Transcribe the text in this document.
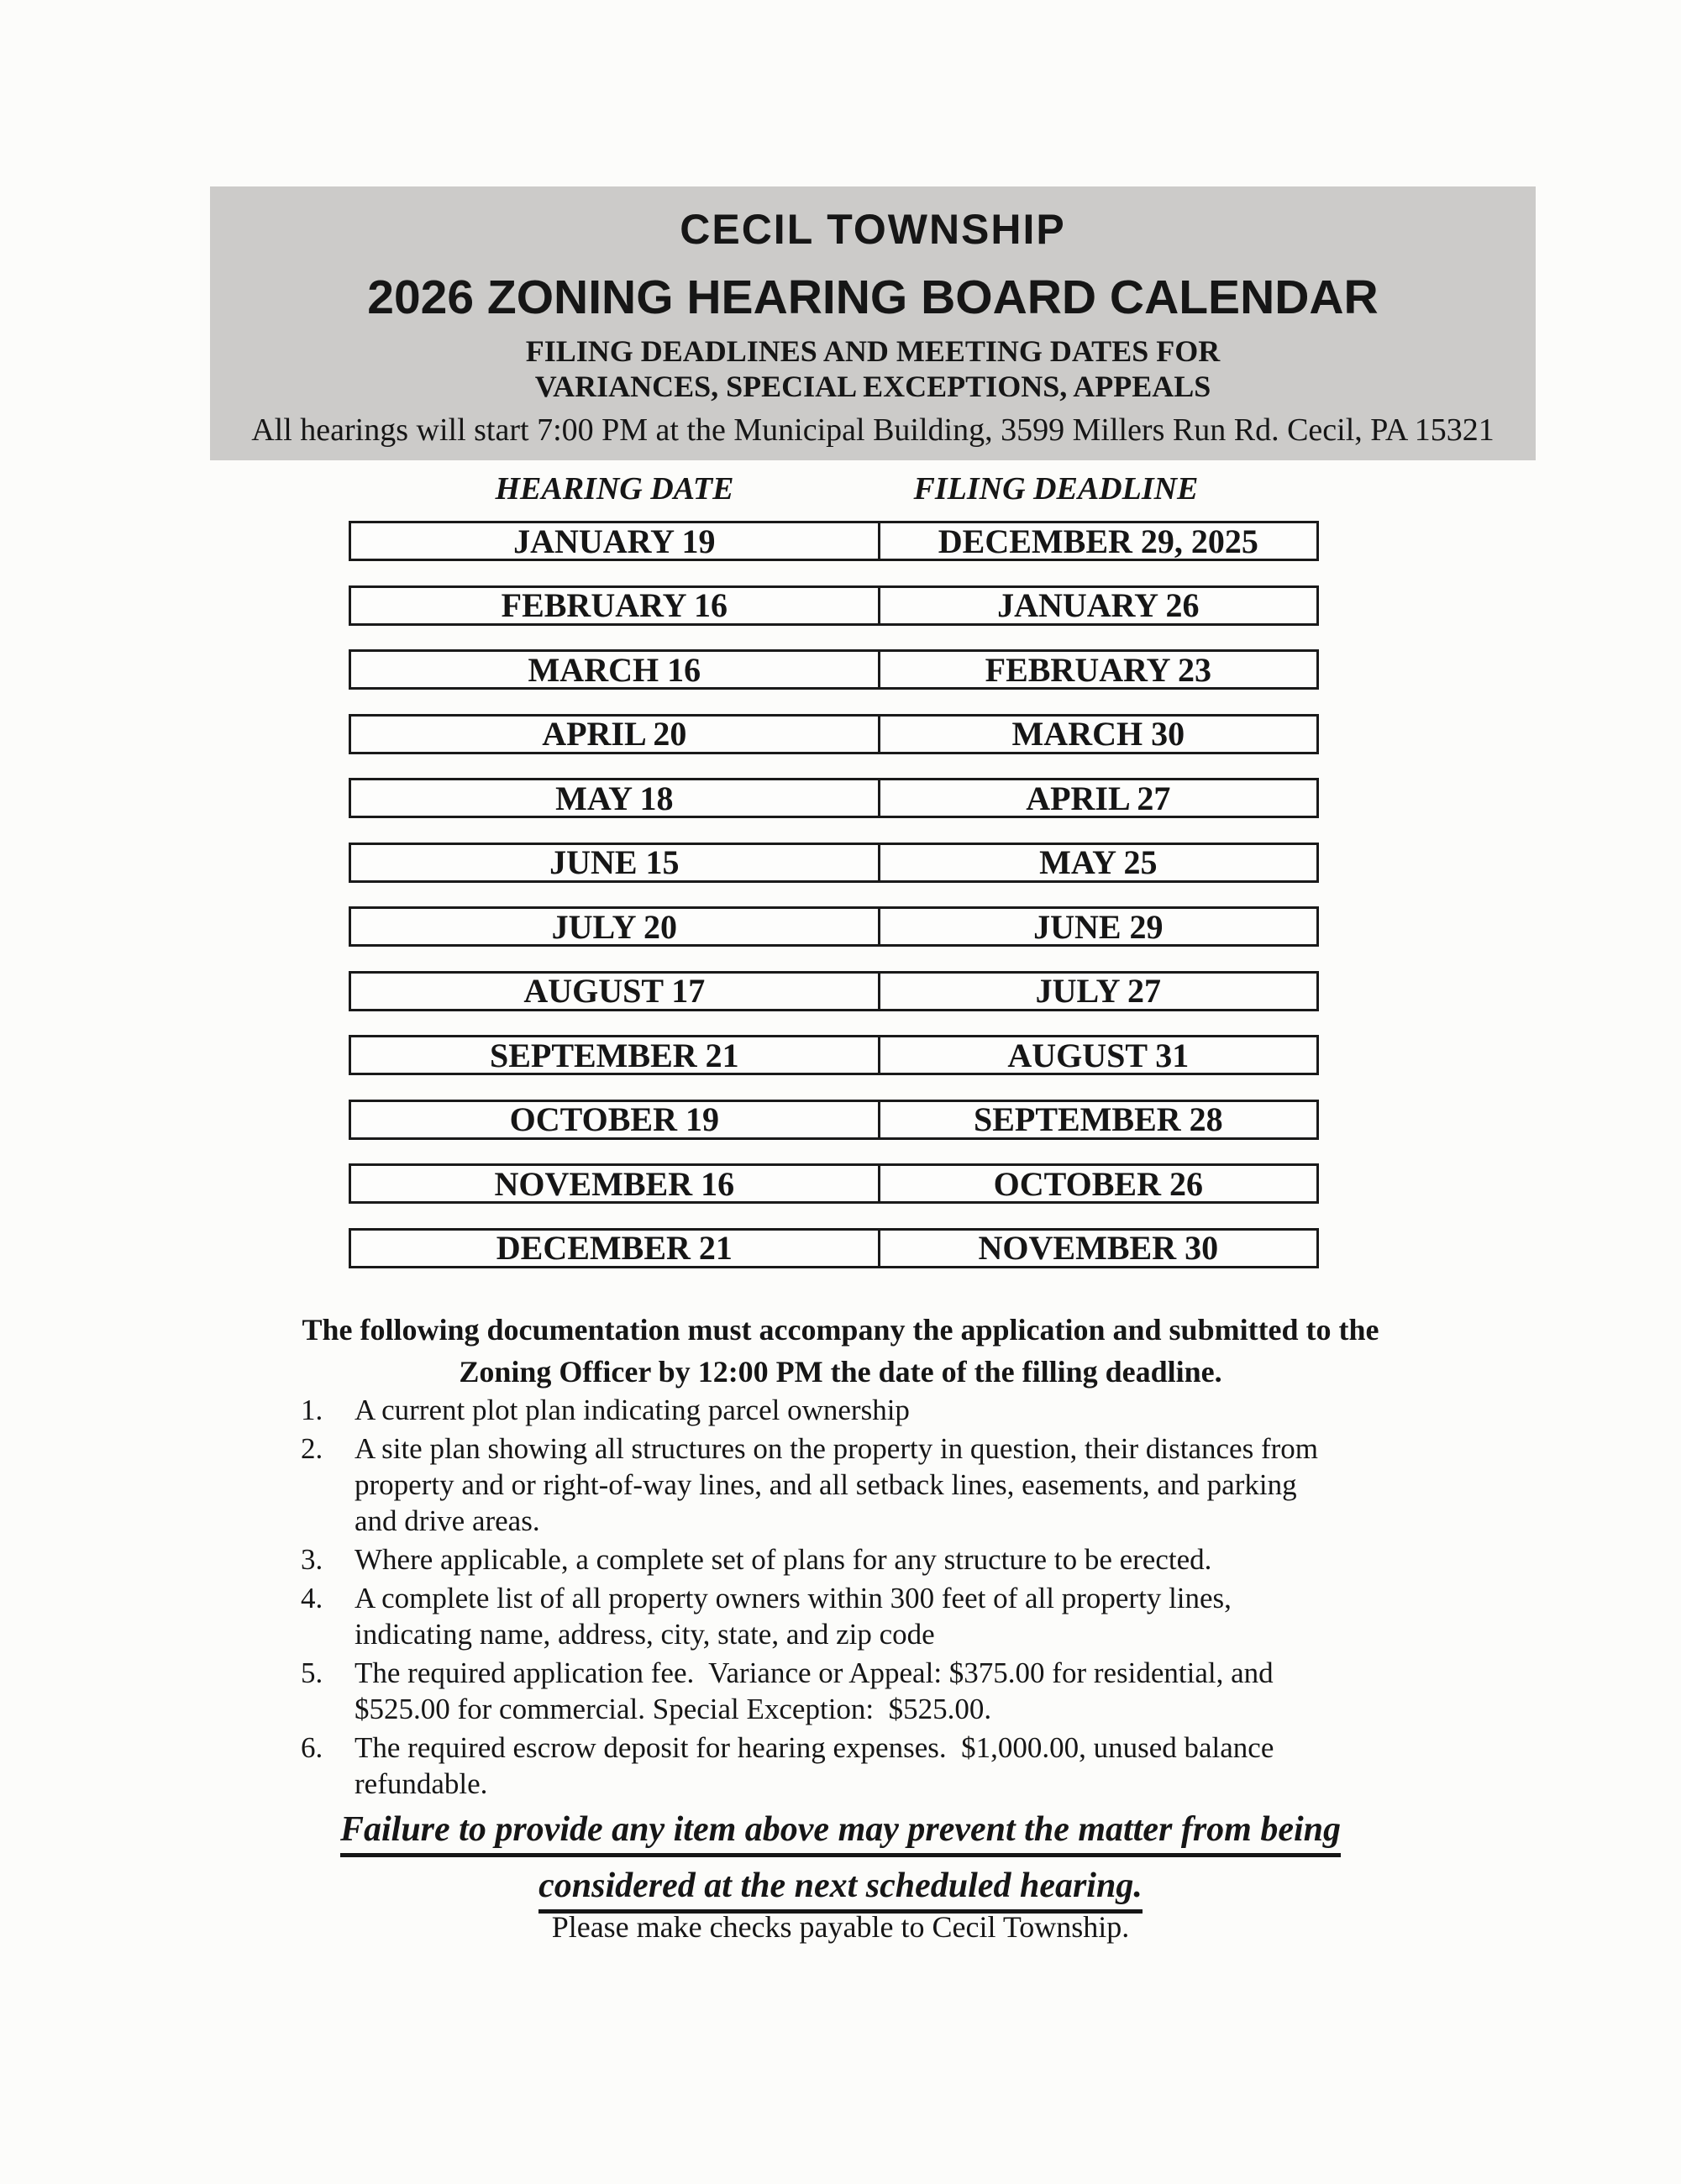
CECIL TOWNSHIP
2026 ZONING HEARING BOARD CALENDAR
FILING DEADLINES AND MEETING DATES FOR
VARIANCES, SPECIAL EXCEPTIONS, APPEALS
All hearings will start 7:00 PM at the Municipal Building, 3599 Millers Run Rd. Cecil, PA 15321
HEARING DATE	FILING DEADLINE
JANUARY 19	DECEMBER 29, 2025
FEBRUARY 16	JANUARY 26
MARCH 16	FEBRUARY 23
APRIL 20	MARCH 30
MAY 18	APRIL 27
JUNE 15	MAY 25
JULY 20	JUNE 29
AUGUST 17	JULY 27
SEPTEMBER 21	AUGUST 31
OCTOBER 19	SEPTEMBER 28
NOVEMBER 16	OCTOBER 26
DECEMBER 21	NOVEMBER 30
The following documentation must accompany the application and submitted to the
Zoning Officer by 12:00 PM the date of the filling deadline.
1.	A current plot plan indicating parcel ownership
2.	A site plan showing all structures on the property in question, their distances from
property and or right-of-way lines, and all setback lines, easements, and parking
and drive areas.
3.	Where applicable, a complete set of plans for any structure to be erected.
4.	A complete list of all property owners within 300 feet of all property lines,
indicating name, address, city, state, and zip code
5.	The required application fee.  Variance or Appeal: $375.00 for residential, and
$525.00 for commercial. Special Exception:  $525.00.
6.	The required escrow deposit for hearing expenses.  $1,000.00, unused balance
refundable.
Failure to provide any item above may prevent the matter from being
considered at the next scheduled hearing.
Please make checks payable to Cecil Township.
